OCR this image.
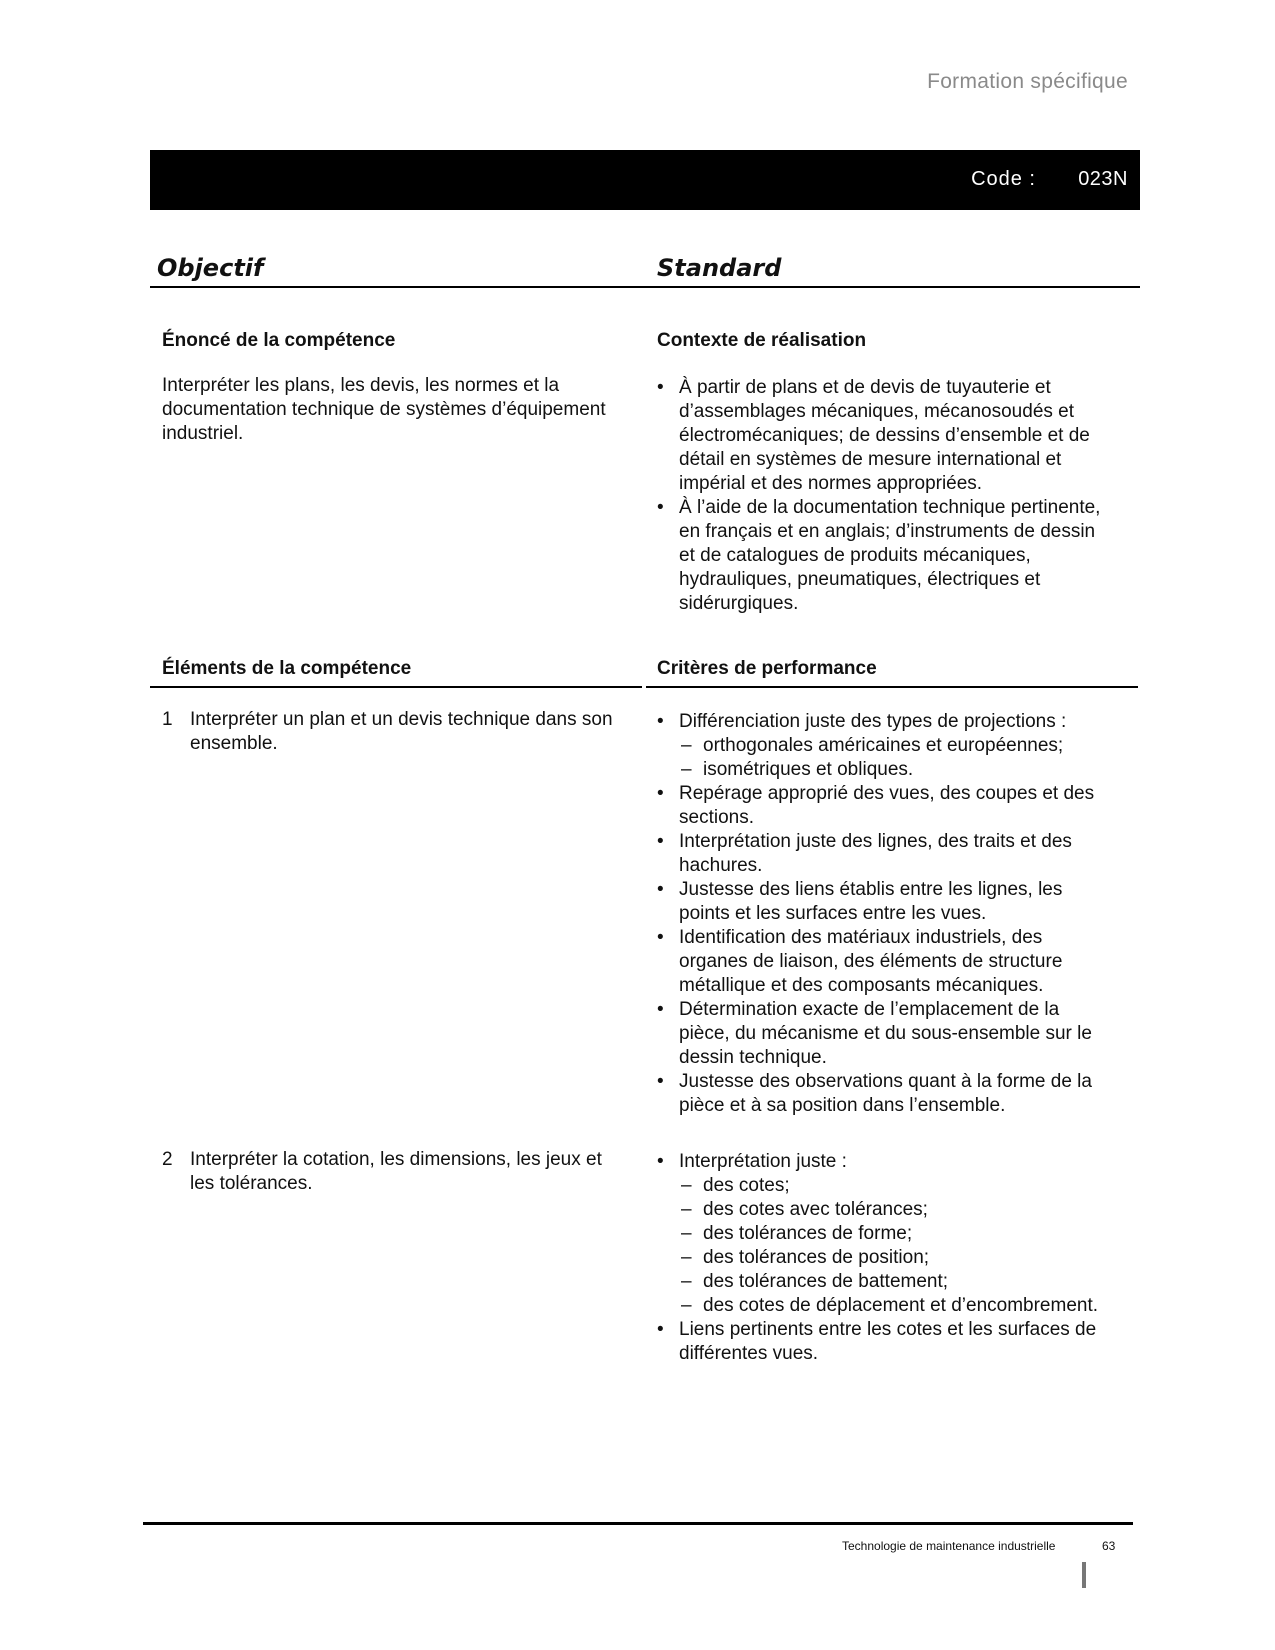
Formation spécifique
Code : 023N
Objectif	Standard
Énoncé de la compétence
Interpréter les plans, les devis, les normes et la documentation technique de systèmes d’équipement industriel.
Contexte de réalisation
• À partir de plans et de devis de tuyauterie et d’assemblages mécaniques, mécanosoudés et électromécaniques; de dessins d’ensemble et de détail en systèmes de mesure international et impérial et des normes appropriées.
• À l’aide de la documentation technique pertinente, en français et en anglais; d’instruments de dessin et de catalogues de produits mécaniques, hydrauliques, pneumatiques, électriques et sidérurgiques.
Éléments de la compétence	Critères de performance
1 Interpréter un plan et un devis technique dans son ensemble.
• Différenciation juste des types de projections :
– orthogonales américaines et européennes;
– isométriques et obliques.
• Repérage approprié des vues, des coupes et des sections.
• Interprétation juste des lignes, des traits et des hachures.
• Justesse des liens établis entre les lignes, les points et les surfaces entre les vues.
• Identification des matériaux industriels, des organes de liaison, des éléments de structure métallique et des composants mécaniques.
• Détermination exacte de l’emplacement de la pièce, du mécanisme et du sous-ensemble sur le dessin technique.
• Justesse des observations quant à la forme de la pièce et à sa position dans l’ensemble.
2 Interpréter la cotation, les dimensions, les jeux et les tolérances.
• Interprétation juste :
– des cotes;
– des cotes avec tolérances;
– des tolérances de forme;
– des tolérances de position;
– des tolérances de battement;
– des cotes de déplacement et d’encombrement.
• Liens pertinents entre les cotes et les surfaces de différentes vues.
Technologie de maintenance industrielle	63
